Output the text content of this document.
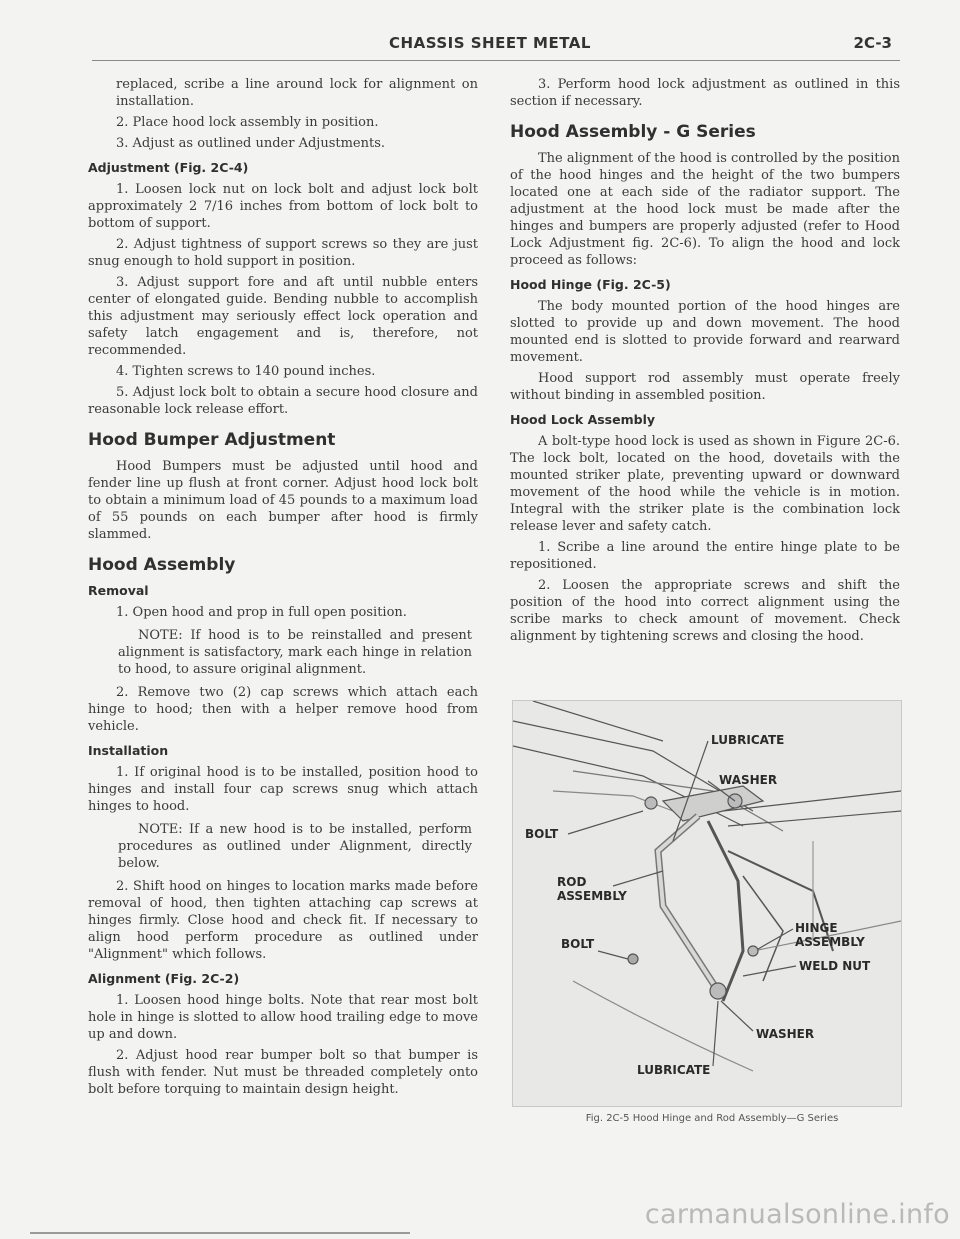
CHASSIS SHEET METAL	2C-3

replaced, scribe a line around lock for alignment on installation.

2. Place hood lock assembly in position.

3. Adjust as outlined under Adjustments.

Adjustment (Fig. 2C-4)

1. Loosen lock nut on lock bolt and adjust lock bolt approximately 2 7/16 inches from bottom of lock bolt to bottom of support.

2. Adjust tightness of support screws so they are just snug enough to hold support in position.

3. Adjust support fore and aft until nubble enters center of elongated guide. Bending nubble to accomplish this adjustment may seriously effect lock operation and safety latch engagement and is, therefore, not recommended.

4. Tighten screws to 140 pound inches.

5. Adjust lock bolt to obtain a secure hood closure and reasonable lock release effort.

Hood Bumper Adjustment

Hood Bumpers must be adjusted until hood and fender line up flush at front corner. Adjust hood lock bolt to obtain a minimum load of 45 pounds to a maximum load of 55 pounds on each bumper after hood is firmly slammed.

Hood Assembly
Removal

1. Open hood and prop in full open position.

NOTE: If hood is to be reinstalled and present alignment is satisfactory, mark each hinge in relation to hood, to assure original alignment.

2. Remove two (2) cap screws which attach each hinge to hood; then with a helper remove hood from vehicle.

Installation

1. If original hood is to be installed, position hood to hinges and install four cap screws snug which attach hinges to hood.

NOTE: If a new hood is to be installed, perform procedures as outlined under Alignment, directly below.

2. Shift hood on hinges to location marks made before removal of hood, then tighten attaching cap screws at hinges firmly. Close hood and check fit. If necessary to align hood perform procedure as outlined under "Alignment" which follows.

Alignment (Fig. 2C-2)

1. Loosen hood hinge bolts. Note that rear most bolt hole in hinge is slotted to allow hood trailing edge to move up and down.

2. Adjust hood rear bumper bolt so that bumper is flush with fender. Nut must be threaded completely onto bolt before torquing to maintain design height.

3. Perform hood lock adjustment as outlined in this section if necessary.

Hood Assembly - G Series

The alignment of the hood is controlled by the position of the hood hinges and the height of the two bumpers located one at each side of the radiator support. The adjustment at the hood lock must be made after the hinges and bumpers are properly adjusted (refer to Hood Lock Adjustment fig. 2C-6). To align the hood and lock proceed as follows:

Hood Hinge (Fig. 2C-5)

The body mounted portion of the hood hinges are slotted to provide up and down movement. The hood mounted end is slotted to provide forward and rearward movement.

Hood support rod assembly must operate freely without binding in assembled position.

Hood Lock Assembly

A bolt-type hood lock is used as shown in Figure 2C-6. The lock bolt, located on the hood, dovetails with the mounted striker plate, preventing upward or downward movement of the hood while the vehicle is in motion. Integral with the striker plate is the combination lock release lever and safety catch.

1. Scribe a line around the entire hinge plate to be repositioned.

2. Loosen the appropriate screws and shift the position of the hood into correct alignment using the scribe marks to check amount of movement. Check alignment by tightening screws and closing the hood.

LUBRICATE
WASHER
BOLT
ROD
ASSEMBLY
BOLT
HINGE
ASSEMBLY
WELD NUT
WASHER
LUBRICATE
Fig. 2C-5 Hood Hinge and Rod Assembly—G Series
carmanualsonline.info
